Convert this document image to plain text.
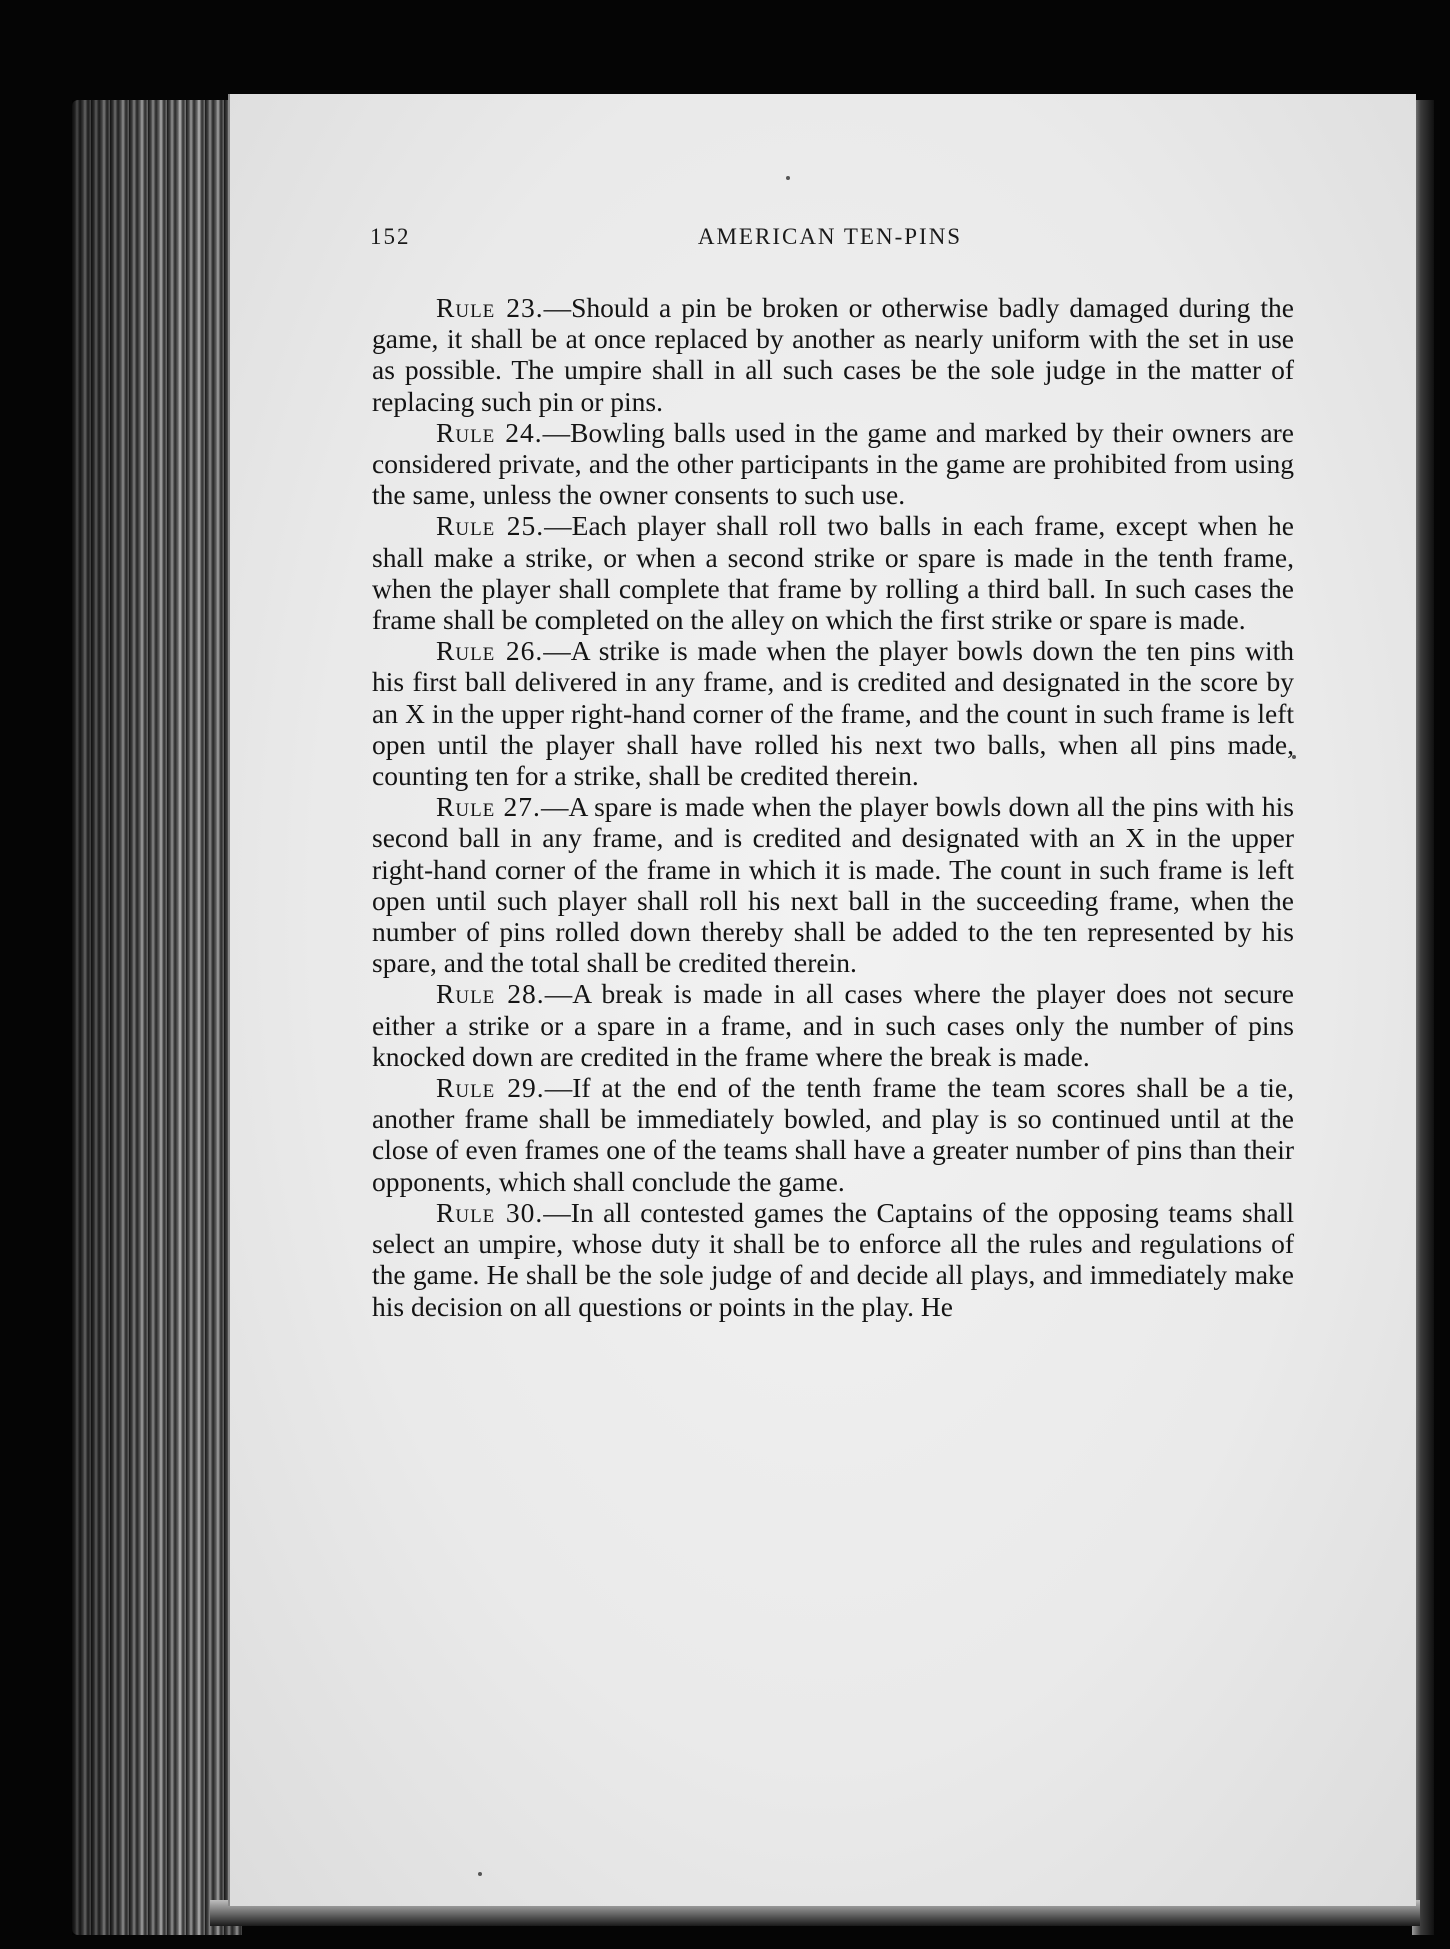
152	AMERICAN TEN-PINS

Rule 23.—Should a pin be broken or otherwise badly damaged during the game, it shall be at once replaced by another as nearly uniform with the set in use as possible. The umpire shall in all such cases be the sole judge in the matter of replacing such pin or pins.

Rule 24.—Bowling balls used in the game and marked by their owners are considered private, and the other participants in the game are prohibited from using the same, unless the owner consents to such use.

Rule 25.—Each player shall roll two balls in each frame, except when he shall make a strike, or when a second strike or spare is made in the tenth frame, when the player shall complete that frame by rolling a third ball. In such cases the frame shall be completed on the alley on which the first strike or spare is made.

Rule 26.—A strike is made when the player bowls down the ten pins with his first ball delivered in any frame, and is credited and designated in the score by an X in the upper right-hand corner of the frame, and the count in such frame is left open until the player shall have rolled his next two balls, when all pins made, counting ten for a strike, shall be credited therein.

Rule 27.—A spare is made when the player bowls down all the pins with his second ball in any frame, and is credited and designated with an X in the upper right-hand corner of the frame in which it is made. The count in such frame is left open until such player shall roll his next ball in the succeeding frame, when the number of pins rolled down thereby shall be added to the ten represented by his spare, and the total shall be credited therein.

Rule 28.—A break is made in all cases where the player does not secure either a strike or a spare in a frame, and in such cases only the number of pins knocked down are credited in the frame where the break is made.

Rule 29.—If at the end of the tenth frame the team scores shall be a tie, another frame shall be immediately bowled, and play is so continued until at the close of even frames one of the teams shall have a greater number of pins than their opponents, which shall conclude the game.

Rule 30.—In all contested games the Captains of the opposing teams shall select an umpire, whose duty it shall be to enforce all the rules and regulations of the game. He shall be the sole judge of and decide all plays, and immediately make his decision on all questions or points in the play. He
